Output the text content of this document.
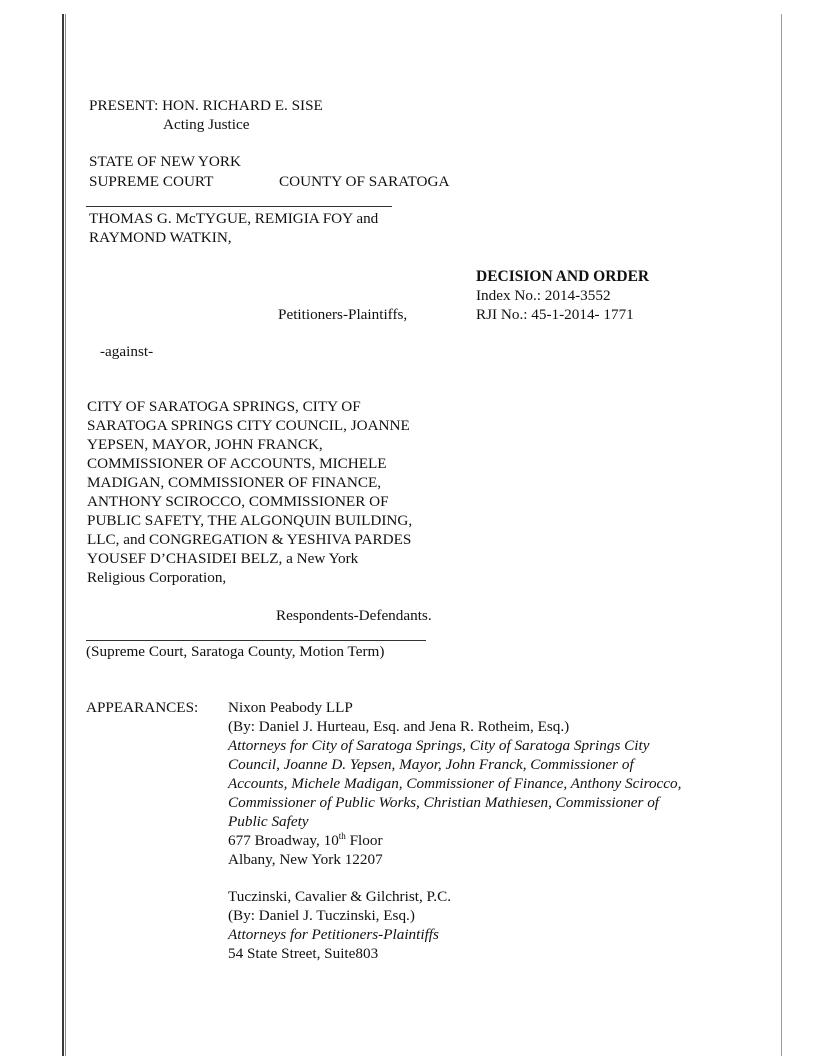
PRESENT: HON. RICHARD E. SISE
Acting Justice
STATE OF NEW YORK
SUPREME COURT	COUNTY OF SARATOGA
THOMAS G. McTYGUE, REMIGIA FOY and
RAYMOND WATKIN,
DECISION AND ORDER
Index No.: 2014-3552
Petitioners-Plaintiffs,	RJI No.: 45-1-2014- 1771
-against-
CITY OF SARATOGA SPRINGS, CITY OF
SARATOGA SPRINGS CITY COUNCIL, JOANNE
YEPSEN, MAYOR, JOHN FRANCK,
COMMISSIONER OF ACCOUNTS, MICHELE
MADIGAN, COMMISSIONER OF FINANCE,
ANTHONY SCIROCCO, COMMISSIONER OF
PUBLIC SAFETY, THE ALGONQUIN BUILDING,
LLC, and CONGREGATION & YESHIVA PARDES
YOUSEF D’CHASIDEI BELZ, a New York
Religious Corporation,
Respondents-Defendants.
(Supreme Court, Saratoga County, Motion Term)
APPEARANCES: Nixon Peabody LLP
(By: Daniel J. Hurteau, Esq. and Jena R. Rotheim, Esq.)
Attorneys for City of Saratoga Springs, City of Saratoga Springs City
Council, Joanne D. Yepsen, Mayor, John Franck, Commissioner of
Accounts, Michele Madigan, Commissioner of Finance, Anthony Scirocco,
Commissioner of Public Works, Christian Mathiesen, Commissioner of
Public Safety
677 Broadway, 10th Floor
Albany, New York 12207
Tuczinski, Cavalier & Gilchrist, P.C.
(By: Daniel J. Tuczinski, Esq.)
Attorneys for Petitioners-Plaintiffs
54 State Street, Suite803
